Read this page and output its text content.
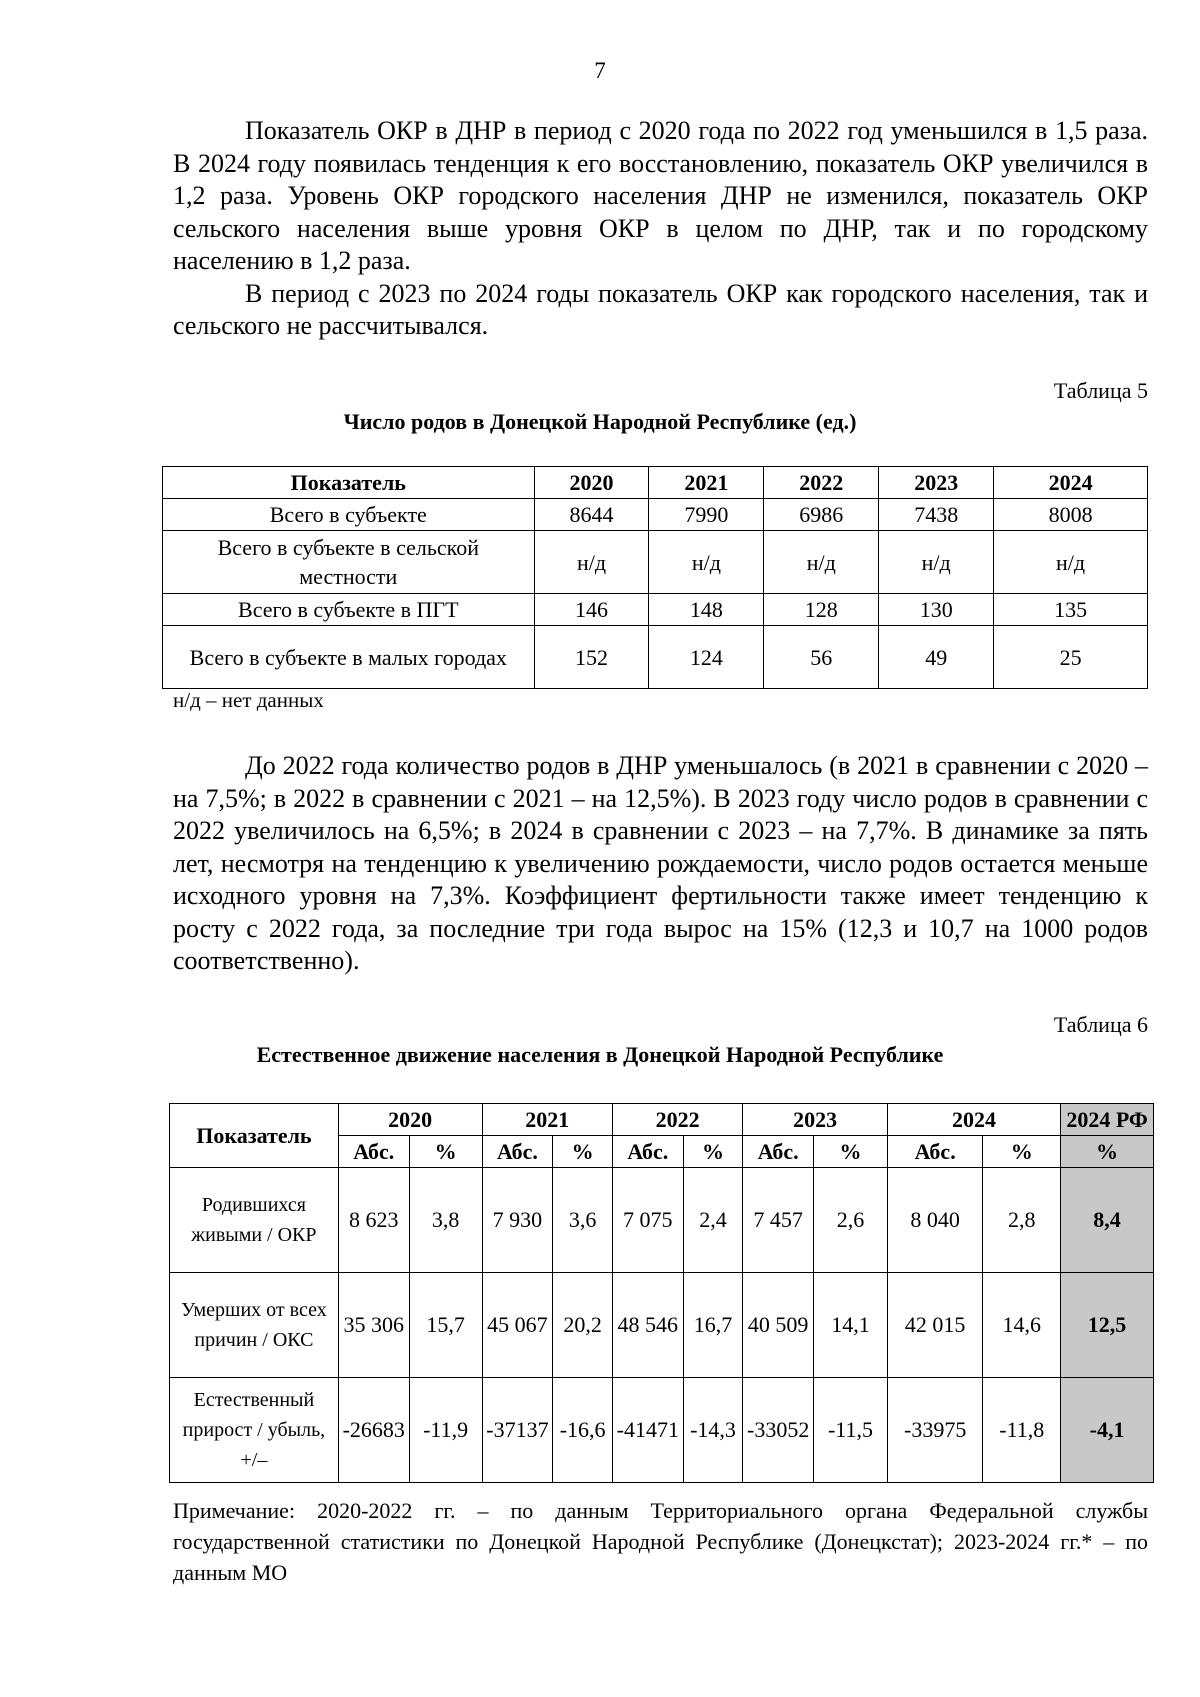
7

Показатель ОКР в ДНР в период с 2020 года по 2022 год уменьшился в 1,5 раза. В 2024 году появилась тенденция к его восстановлению, показатель ОКР увеличился в 1,2 раза. Уровень ОКР городского населения ДНР не изменился, показатель ОКР сельского населения выше уровня ОКР в целом по ДНР, так и по городскому населению в 1,2 раза.

В период с 2023 по 2024 годы показатель ОКР как городского населения, так и сельского не рассчитывался.

Таблица 5
Число родов в Донецкой Народной Республике (ед.)
Показатель	2020	2021	2022	2023	2024
Всего в субъекте	8644	7990	6986	7438	8008
Всего в субъекте в сельской местности	н/д	н/д	н/д	н/д	н/д
Всего в субъекте в ПГТ	146	148	128	130	135
Всего в субъекте в малых городах	152	124	56	49	25
н/д – нет данных

До 2022 года количество родов в ДНР уменьшалось (в 2021 в сравнении с 2020 – на 7,5%; в 2022 в сравнении с 2021 – на 12,5%). В 2023 году число родов в сравнении с 2022 увеличилось на 6,5%; в 2024 в сравнении с 2023 – на 7,7%. В динамике за пять лет, несмотря на тенденцию к увеличению рождаемости, число родов остается меньше исходного уровня на 7,3%. Коэффициент фертильности также имеет тенденцию к росту с 2022 года, за последние три года вырос на 15% (12,3 и 10,7 на 1000 родов соответственно).

Таблица 6
Естественное движение населения в Донецкой Народной Республике
Показатель	2020		2021		2022		2023		2024		2024 РФ
	Абс.	%	Абс.	%	Абс.	%	Абс.	%	Абс.	%	%
Родившихся живыми / ОКР	8 623	3,8	7 930	3,6	7 075	2,4	7 457	2,6	8 040	2,8	8,4
Умерших от всех причин / ОКС	35 306	15,7	45 067	20,2	48 546	16,7	40 509	14,1	42 015	14,6	12,5
Естественный прирост / убыль, +/–	-26683	-11,9	-37137	-16,6	-41471	-14,3	-33052	-11,5	-33975	-11,8	-4,1

Примечание: 2020-2022 гг. – по данным Территориального органа Федеральной службы государственной статистики по Донецкой Народной Республике (Донецкстат); 2023-2024 гг.* – по данным МО
